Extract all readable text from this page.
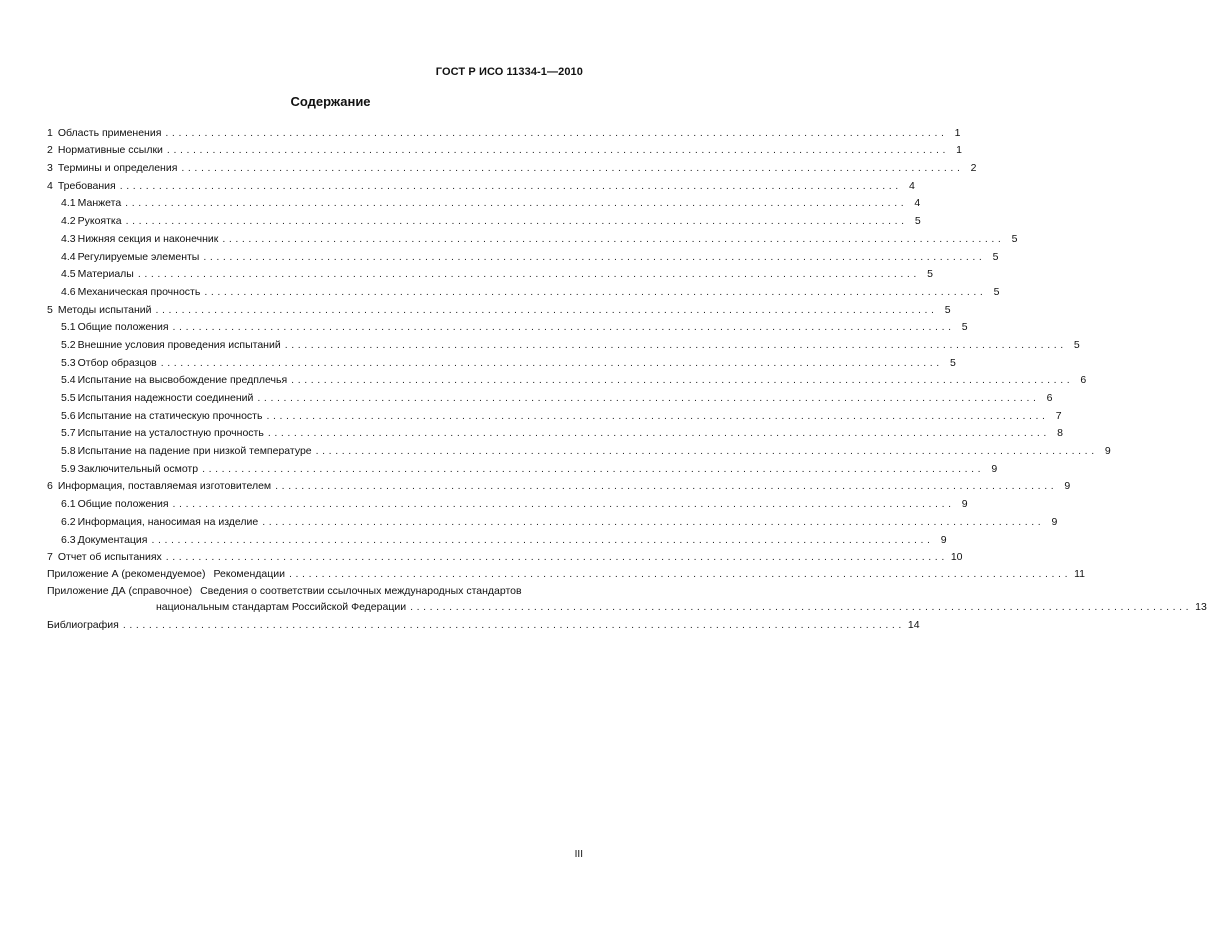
ГОСТ Р ИСО 11334-1—2010
Содержание
1 Область применения ........................................................................................................................ 1
2 Нормативные ссылки ........................................................................................................................ 1
3 Термины и определения ........................................................................................................................ 2
4 Требования ........................................................................................................................ 4
4.1 Манжета ........................................................................................................................ 4
4.2 Рукоятка ........................................................................................................................ 5
4.3 Нижняя секция и наконечник ........................................................................................................................ 5
4.4 Регулируемые элементы ........................................................................................................................ 5
4.5 Материалы ........................................................................................................................ 5
4.6 Механическая прочность ........................................................................................................................ 5
5 Методы испытаний ........................................................................................................................ 5
5.1 Общие положения ........................................................................................................................ 5
5.2 Внешние условия проведения испытаний ........................................................................................................................ 5
5.3 Отбор образцов ........................................................................................................................ 5
5.4 Испытание на высвобождение предплечья ........................................................................................................................ 6
5.5 Испытания надежности соединений ........................................................................................................................ 6
5.6 Испытание на статическую прочность ........................................................................................................................ 7
5.7 Испытание на усталостную прочность ........................................................................................................................ 8
5.8 Испытание на падение при низкой температуре ........................................................................................................................ 9
5.9 Заключительный осмотр ........................................................................................................................ 9
6 Информация, поставляемая изготовителем ........................................................................................................................ 9
6.1 Общие положения ........................................................................................................................ 9
6.2 Информация, наносимая на изделие ........................................................................................................................ 9
6.3 Документация ........................................................................................................................ 9
7 Отчет об испытаниях ........................................................................................................................ 10
Приложение А (рекомендуемое) Рекомендации ........................................................................................................................ 11
Приложение ДА (справочное) Сведения о соответствии ссылочных международных стандартов
национальным стандартам Российской Федерации ........................................................................................................................ 13
Библиография ........................................................................................................................ 14
III
